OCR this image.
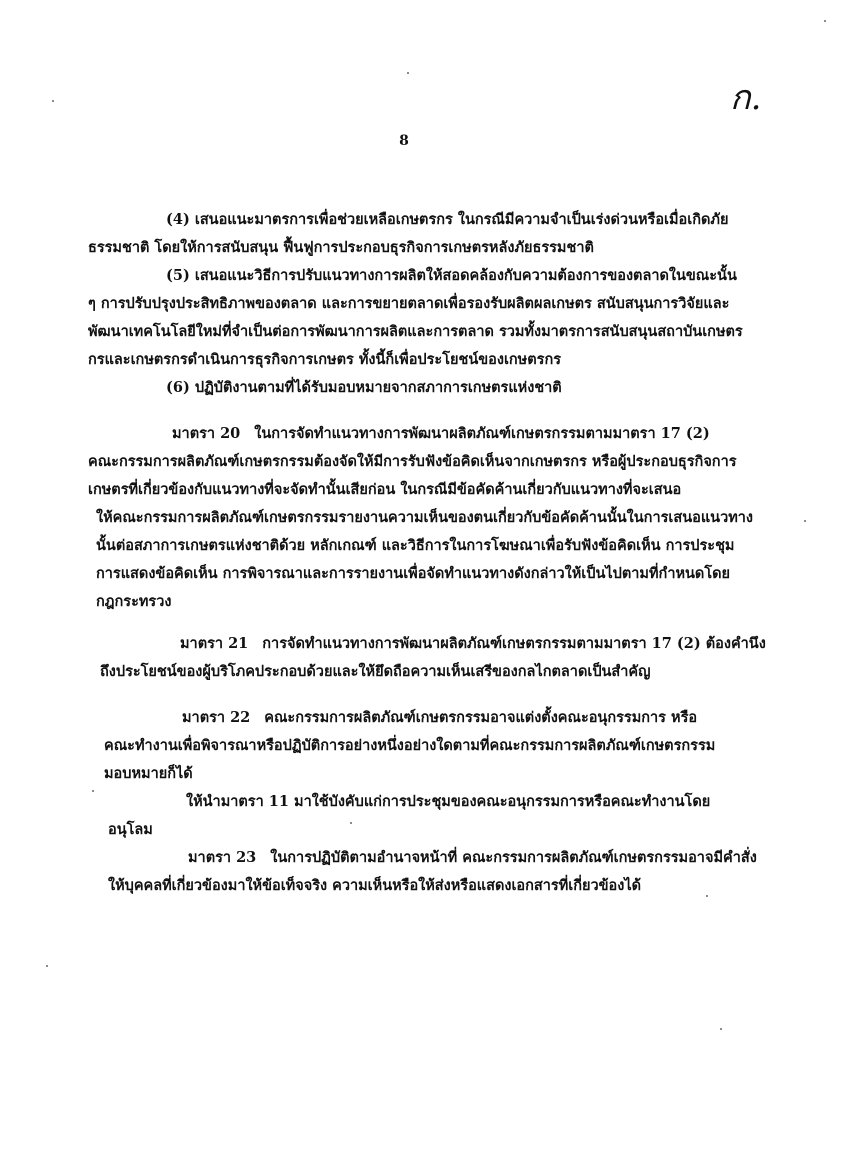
ก.
8
(4) เสนอแนะมาตรการเพื่อช่วยเหลือเกษตรกร ในกรณีมีความจำเป็นเร่งด่วนหรือเมื่อเกิดภัย
ธรรมชาติ โดยให้การสนับสนุน ฟื้นฟูการประกอบธุรกิจการเกษตรหลังภัยธรรมชาติ
(5) เสนอแนะวิธีการปรับแนวทางการผลิตให้สอดคล้องกับความต้องการของตลาดในขณะนั้น
ๆ การปรับปรุงประสิทธิภาพของตลาด และการขยายตลาดเพื่อรองรับผลิตผลเกษตร สนับสนุนการวิจัยและ
พัฒนาเทคโนโลยีใหม่ที่จำเป็นต่อการพัฒนาการผลิตและการตลาด รวมทั้งมาตรการสนับสนุนสถาบันเกษตร
กรและเกษตรกรดำเนินการธุรกิจการเกษตร ทั้งนี้ก็เพื่อประโยชน์ของเกษตรกร
(6) ปฏิบัติงานตามที่ได้รับมอบหมายจากสภาการเกษตรแห่งชาติ
มาตรา 20 ในการจัดทำแนวทางการพัฒนาผลิตภัณฑ์เกษตรกรรมตามมาตรา 17 (2)
คณะกรรมการผลิตภัณฑ์เกษตรกรรมต้องจัดให้มีการรับฟังข้อคิดเห็นจากเกษตรกร หรือผู้ประกอบธุรกิจการ
เกษตรที่เกี่ยวข้องกับแนวทางที่จะจัดทำนั้นเสียก่อน ในกรณีมีข้อคัดค้านเกี่ยวกับแนวทางที่จะเสนอ
ให้คณะกรรมการผลิตภัณฑ์เกษตรกรรมรายงานความเห็นของตนเกี่ยวกับข้อคัดค้านนั้นในการเสนอแนวทาง
นั้นต่อสภาการเกษตรแห่งชาติด้วย หลักเกณฑ์ และวิธีการในการโฆษณาเพื่อรับฟังข้อคิดเห็น การประชุม
การแสดงข้อคิดเห็น การพิจารณาและการรายงานเพื่อจัดทำแนวทางดังกล่าวให้เป็นไปตามที่กำหนดโดย
กฎกระทรวง
มาตรา 21 การจัดทำแนวทางการพัฒนาผลิตภัณฑ์เกษตรกรรมตามมาตรา 17 (2) ต้องคำนึง
ถึงประโยชน์ของผู้บริโภคประกอบด้วยและให้ยึดถือความเห็นเสรีของกลไกตลาดเป็นสำคัญ
มาตรา 22 คณะกรรมการผลิตภัณฑ์เกษตรกรรมอาจแต่งตั้งคณะอนุกรรมการ หรือ
คณะทำงานเพื่อพิจารณาหรือปฏิบัติการอย่างหนึ่งอย่างใดตามที่คณะกรรมการผลิตภัณฑ์เกษตรกรรม
มอบหมายก็ได้
ให้นำมาตรา 11 มาใช้บังคับแก่การประชุมของคณะอนุกรรมการหรือคณะทำงานโดย
อนุโลม
มาตรา 23 ในการปฏิบัติตามอำนาจหน้าที่ คณะกรรมการผลิตภัณฑ์เกษตรกรรมอาจมีคำสั่ง
ให้บุคคลที่เกี่ยวข้องมาให้ข้อเท็จจริง ความเห็นหรือให้ส่งหรือแสดงเอกสารที่เกี่ยวข้องได้
